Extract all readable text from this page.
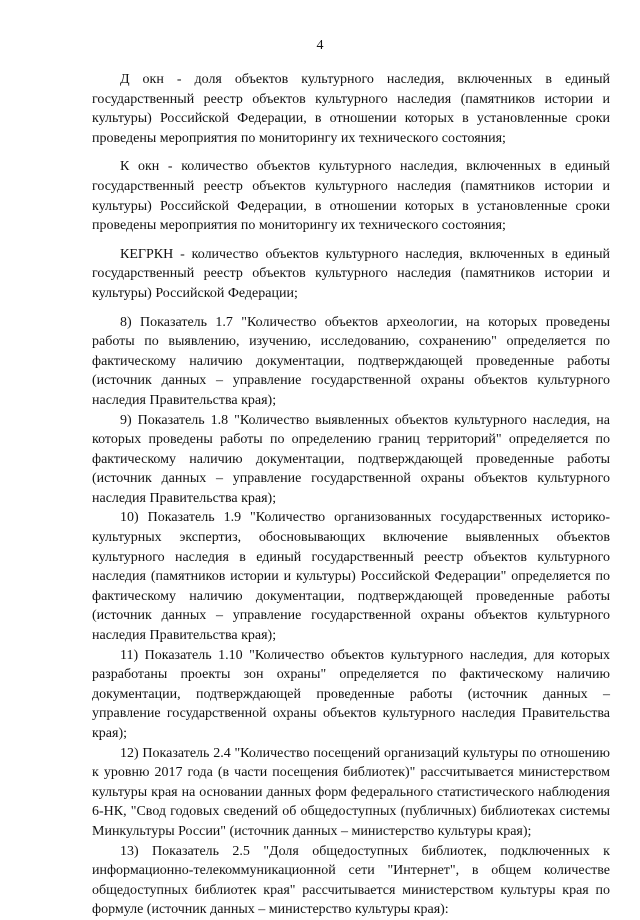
4

Д окн - доля объектов культурного наследия, включенных в единый государственный реестр объектов культурного наследия (памятников истории и культуры) Российской Федерации, в отношении которых в установленные сроки проведены мероприятия по мониторингу их технического состояния;

К окн - количество объектов культурного наследия, включенных в единый государственный реестр объектов культурного наследия (памятников истории и культуры) Российской Федерации, в отношении которых в установленные сроки проведены мероприятия по мониторингу их технического состояния;

КЕГРКН - количество объектов культурного наследия, включенных в единый государственный реестр объектов культурного наследия (памятников истории и культуры) Российской Федерации;

8) Показатель 1.7 "Количество объектов археологии, на которых проведены работы по выявлению, изучению, исследованию, сохранению" определяется по фактическому наличию документации, подтверждающей проведенные работы (источник данных – управление государственной охраны объектов культурного наследия Правительства края);

9) Показатель 1.8 "Количество выявленных объектов культурного наследия, на которых проведены работы по определению границ территорий" определяется по фактическому наличию документации, подтверждающей проведенные работы (источник данных – управление государственной охраны объектов культурного наследия Правительства края);

10) Показатель 1.9 "Количество организованных государственных историко-культурных экспертиз, обосновывающих включение выявленных объектов культурного наследия в единый государственный реестр объектов культурного наследия (памятников истории и культуры) Российской Федерации" определяется по фактическому наличию документации, подтверждающей проведенные работы (источник данных – управление государственной охраны объектов культурного наследия Правительства края);

11) Показатель 1.10 "Количество объектов культурного наследия, для которых разработаны проекты зон охраны" определяется по фактическому наличию документации, подтверждающей проведенные работы (источник данных – управление государственной охраны объектов культурного наследия Правительства края);

12) Показатель 2.4 "Количество посещений организаций культуры по отношению к уровню 2017 года (в части посещения библиотек)" рассчитывается министерством культуры края на основании данных форм федерального статистического наблюдения 6-НК, "Свод годовых сведений об общедоступных (публичных) библиотеках системы Минкультуры России" (источник данных – министерство культуры края);

13) Показатель 2.5 "Доля общедоступных библиотек, подключенных к информационно-телекоммуникационной сети "Интернет", в общем количестве общедоступных библиотек края" рассчитывается министерством культуры края по формуле (источник данных – министерство культуры края):
